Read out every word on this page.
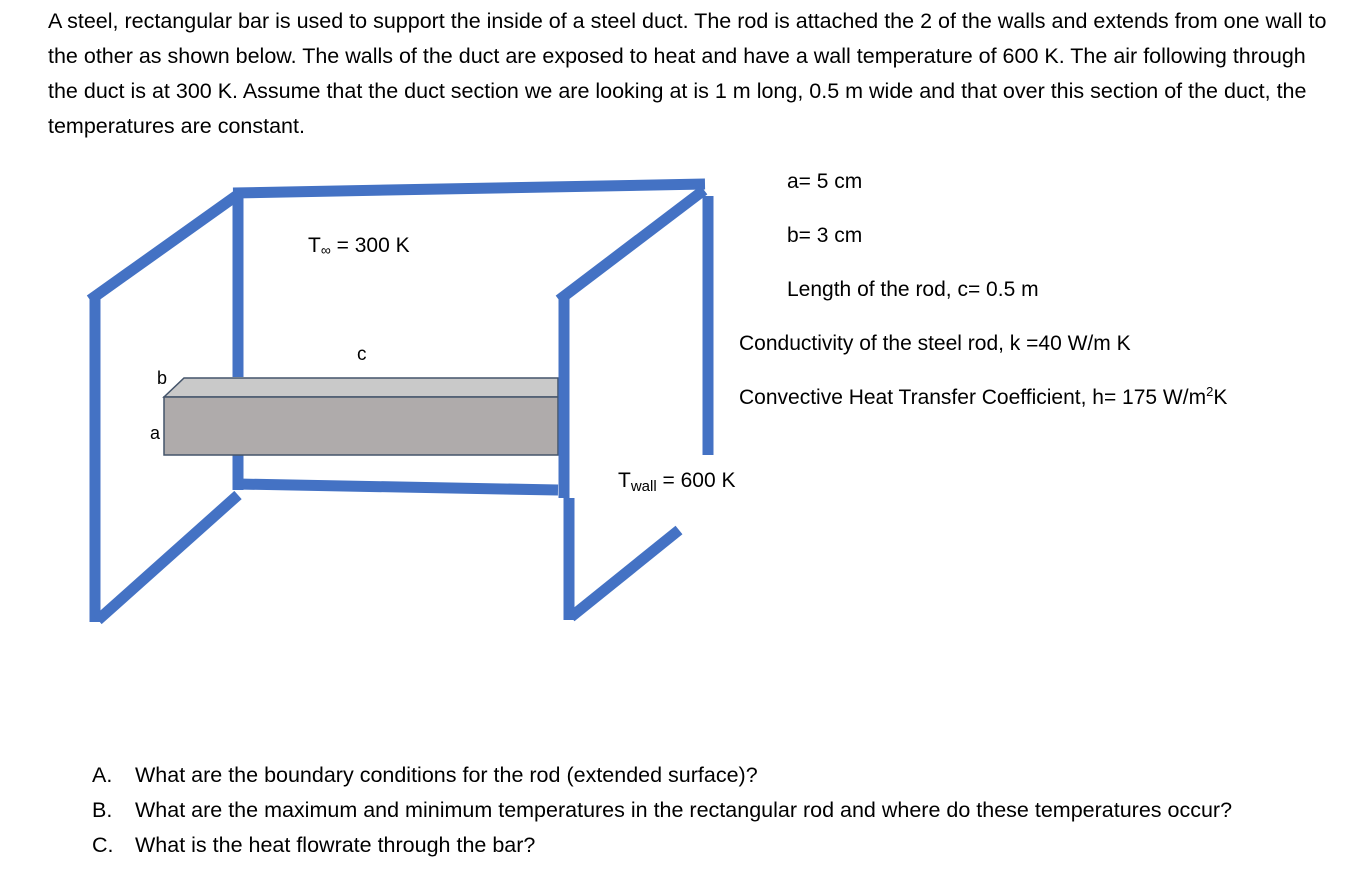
A steel, rectangular bar is used to support the inside of a steel duct. The rod is attached the 2 of the walls and extends from one wall to the other as shown below. The walls of the duct are exposed to heat and have a wall temperature of 600 K. The air following through the duct is at 300 K. Assume that the duct section we are looking at is 1 m long, 0.5 m wide and that over this section of the duct, the temperatures are constant.

T∞ = 300 K
c
b
a
Twall = 600 K
a= 5 cm
b= 3 cm
Length of the rod, c= 0.5 m
Conductivity of the steel rod, k =40 W/m K
Convective Heat Transfer Coefficient, h= 175 $W/m^2K$
A. What are the boundary conditions for the rod (extended surface)?
B. What are the maximum and minimum temperatures in the rectangular rod and where do these temperatures occur?
C. What is the heat flowrate through the bar?
